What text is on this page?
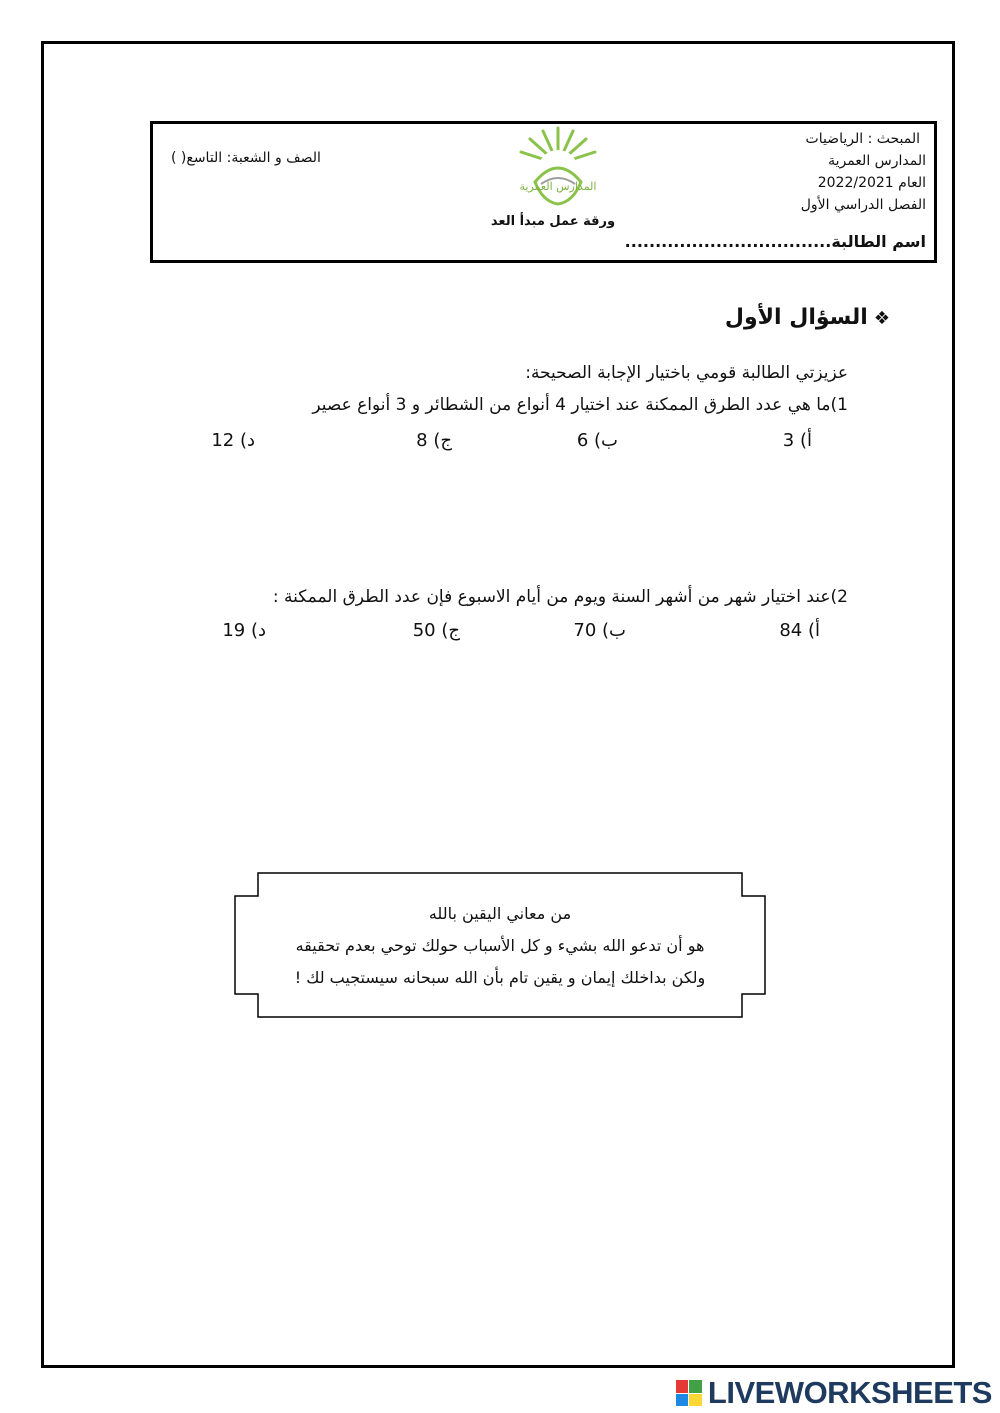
المبحث : الرياضيات
المدارس العمرية
العام 2022/2021
الفصل الدراسي الأول
المدارس العمرية
ورقة عمل مبدأ العد
الصف و الشعبة: التاسع( )
اسم الطالبة..................................
❖السؤال الأول
عزيزتي الطالبة قومي باختيار الإجابة الصحيحة:
1)ما هي عدد الطرق الممكنة عند اختيار 4 أنواع من الشطائر و 3 أنواع عصير
أ) 3
ب) 6
ج) 8
د) 12
2)عند اختيار شهر من أشهر السنة ويوم من أيام الاسبوع فإن عدد الطرق الممكنة :
أ) 84
ب) 70
ج) 50
د) 19
من معاني اليقين بالله
هو أن تدعو الله بشيء و كل الأسباب حولك توحي بعدم تحقيقه
ولكن بداخلك إيمان و يقين تام بأن الله سبحانه سيستجيب لك !
LIVEWORKSHEETS
